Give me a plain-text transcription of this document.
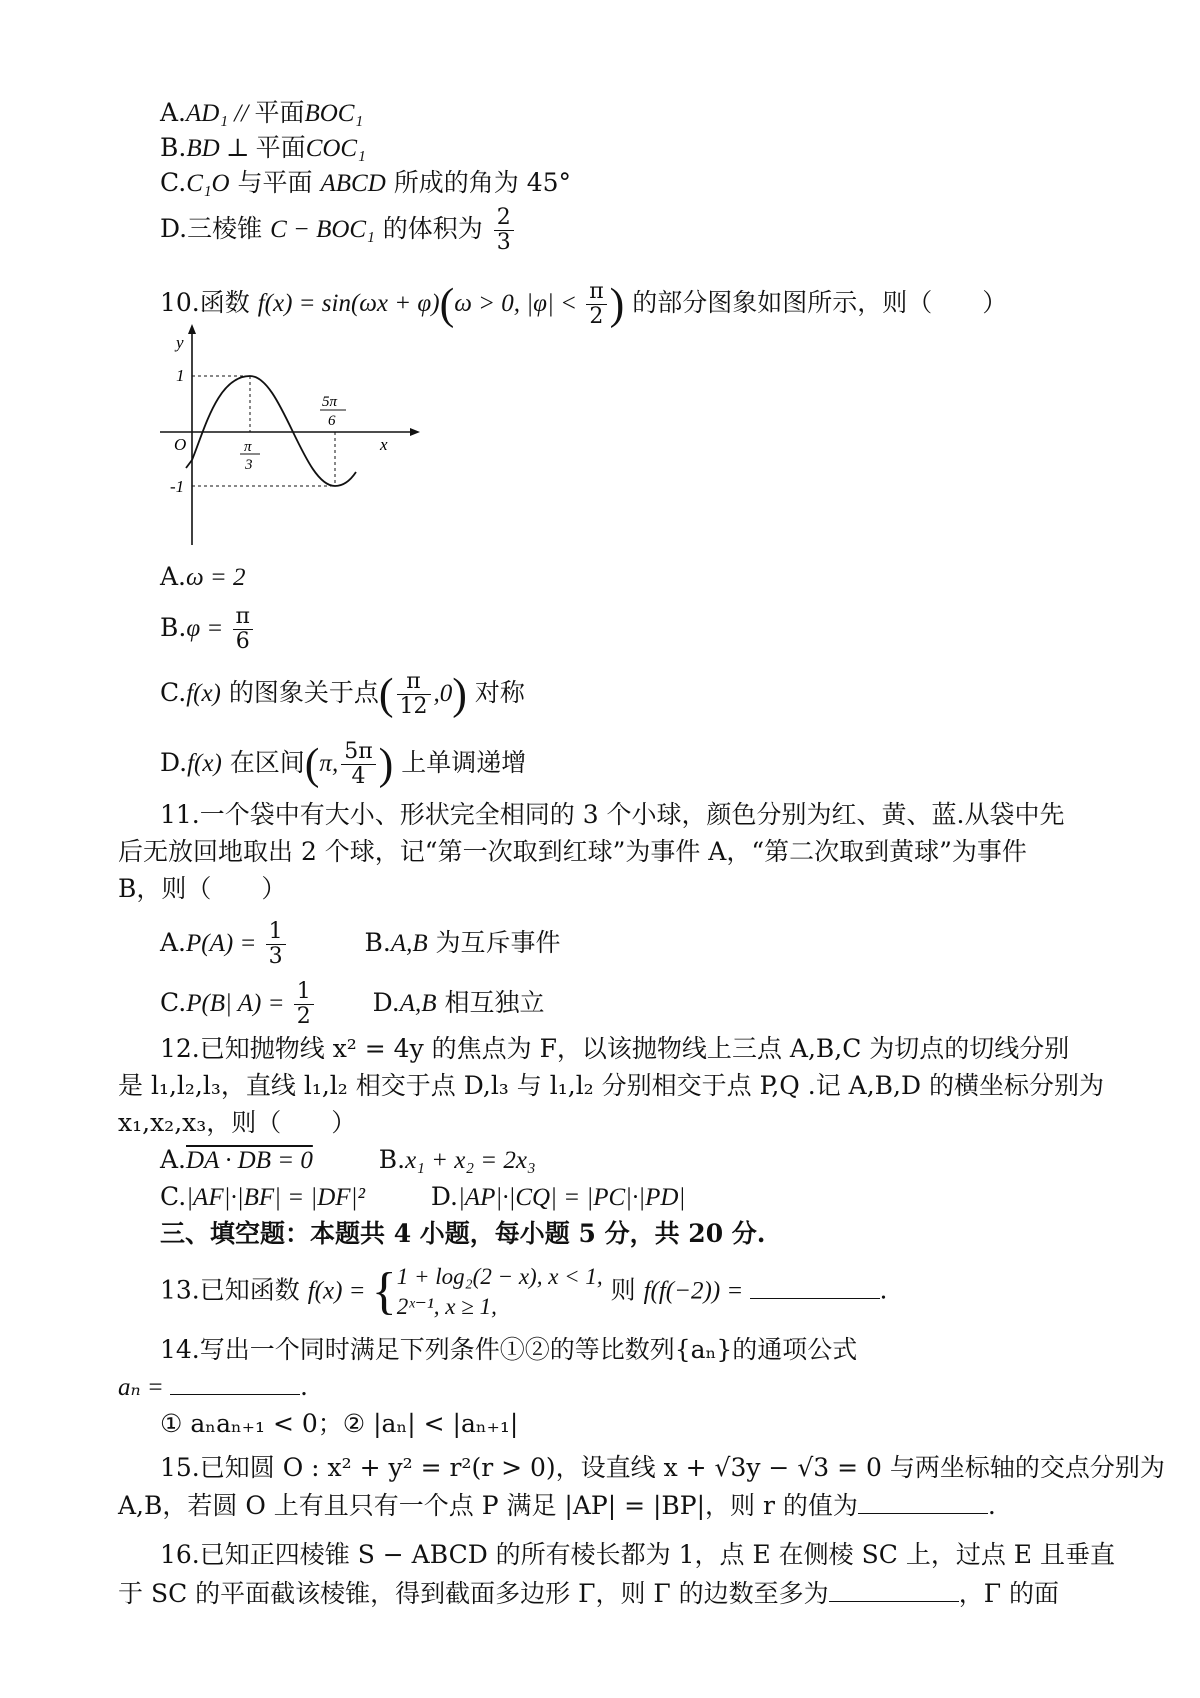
A.AD₁ // 平面BOC₁
B.BD ⊥ 平面COC₁
C.C₁O 与平面 ABCD 所成的角为 45°
D.三棱锥 C − BOC₁ 的体积为 $\frac{2}{3}$
10.函数 f(x) = sin(ωx + φ)(ω > 0, $|\varphi| < \frac{\pi}{2}$ ) 的部分图象如图所示，则（　　）
y
x
O
1
-1
π
3
5π
6
A.ω = 2
$B.\varphi = \frac{\pi}{6}$
C.f(x) 的图象关于点( $\frac{\pi}{12} ,0$) 对称
D.f(x) 在区间(π, $\frac{5\pi}{4}$ ) 上单调递增
11.一个袋中有大小、形状完全相同的 3 个小球，颜色分别为红、黄、蓝.从袋中先
后无放回地取出 2 个球，记“第一次取到红球”为事件 A，“第二次取到黄球”为事件
B，则（　　）
$A.P(A) = \frac{1}{3}$	B.A,B 为互斥事件
C.P(B| $A) = \frac{1}{2} D.A,B$ 相互独立
12.已知抛物线 x² = 4y 的焦点为 F，以该抛物线上三点 A,B,C 为切点的切线分别
是 l₁,l₂,l₃，直线 l₁,l₂ 相交于点 D,l₃ 与 l₁,l₂ 分别相交于点 P,Q .记 A,B,D 的横坐标分别为
x₁,x₂,x₃，则（　　）
A.DA · DB = 0	B.x₁ + x₂ = 2x₃
C.|AF|·|BF| = |DF|²	D.|AP|·|CQ| = |PC|·|PD|
三、填空题：本题共 4 小题，每小题 5 分，共 20 分.
13.已知函数 f(x) = { 1 + log₂(2 − x), x < 1,
2ˣ⁻¹, x ≥ 1,
则 f(f(−2)) =	.
14.写出一个同时满足下列条件①②的等比数列{aₙ}的通项公式
aₙ =	.
① aₙaₙ₊₁ < 0；② |aₙ| < |aₙ₊₁|
15.已知圆 O : x² + y² = r²(r > 0)，设直线 x + √3y − √3 = 0 与两坐标轴的交点分别为
A,B，若圆 O 上有且只有一个点 P 满足 |AP| = |BP|，则 r 的值为	.
16.已知正四棱锥 S − ABCD 的所有棱长都为 1，点 E 在侧棱 SC 上，过点 E 且垂直
于 SC 的平面截该棱锥，得到截面多边形 Γ，则 Γ 的边数至多为	，Γ 的面
